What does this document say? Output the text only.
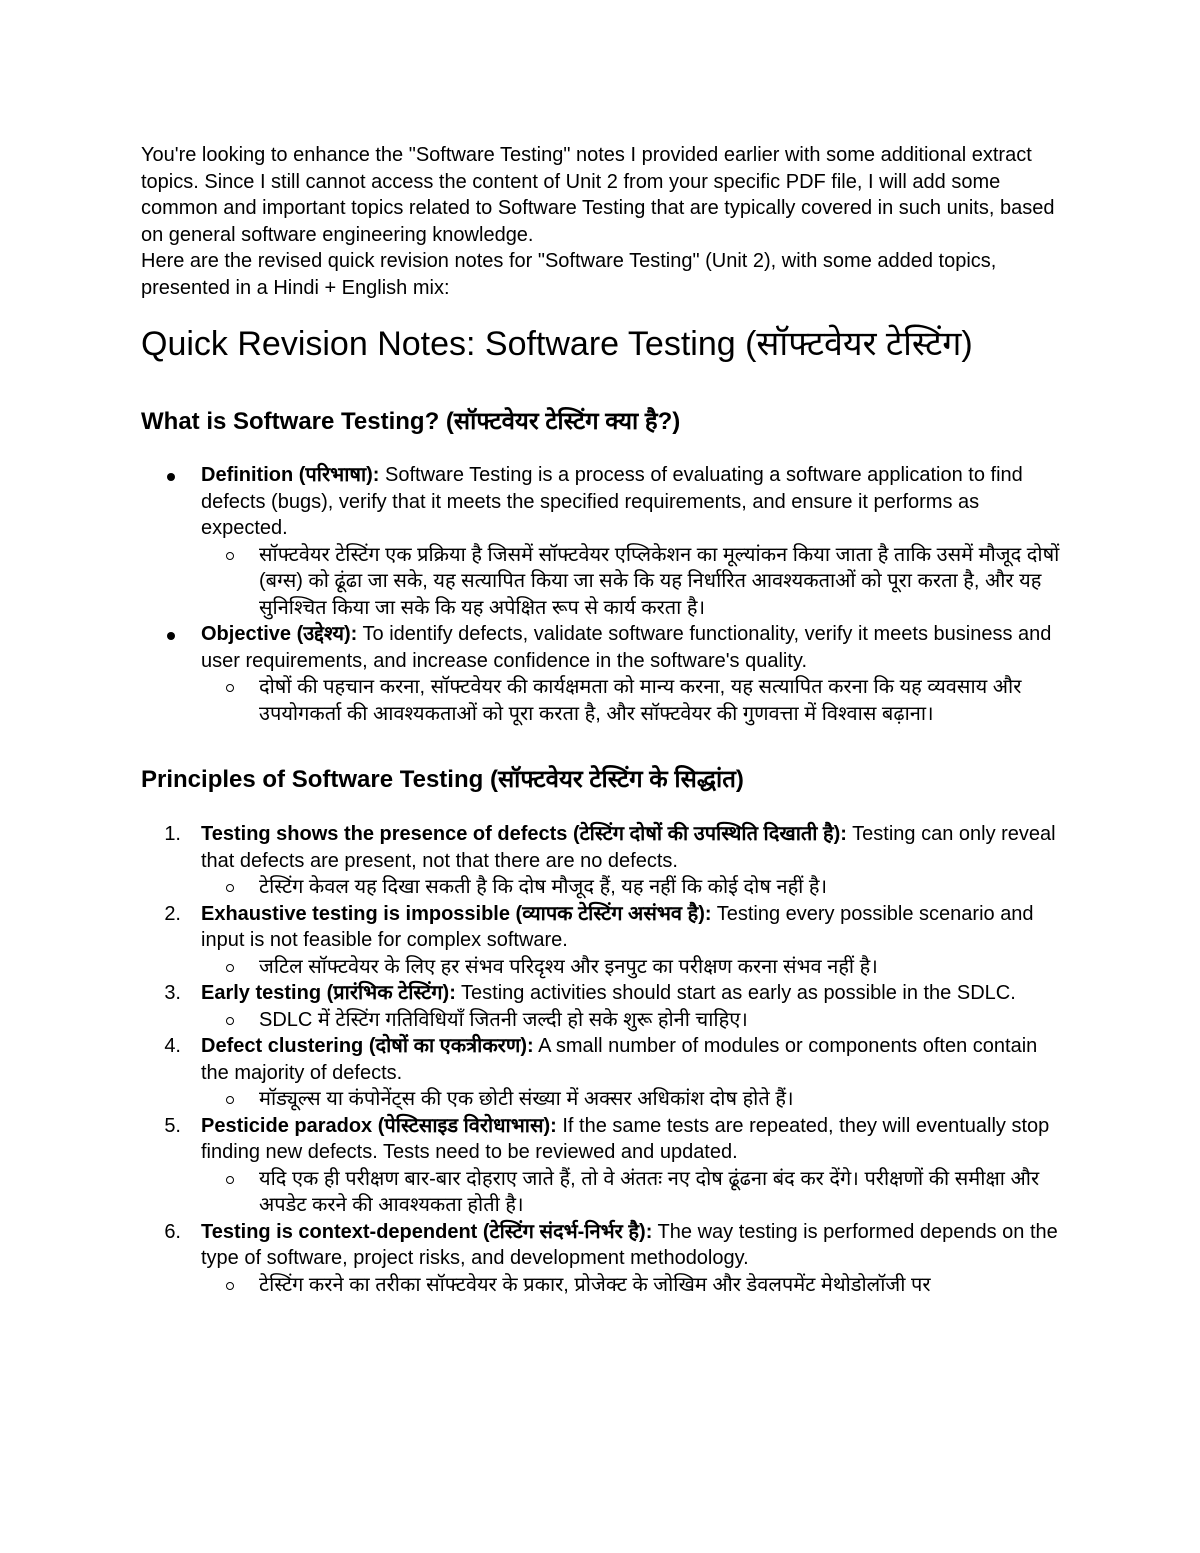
You're looking to enhance the "Software Testing" notes I provided earlier with some additional extract topics. Since I still cannot access the content of Unit 2 from your specific PDF file, I will add some common and important topics related to Software Testing that are typically covered in such units, based on general software engineering knowledge.

Here are the revised quick revision notes for "Software Testing" (Unit 2), with some added topics, presented in a Hindi + English mix:

Quick Revision Notes: Software Testing (सॉफ्टवेयर टेस्टिंग)
What is Software Testing? (सॉफ्टवेयर टेस्टिंग क्या है?)
Definition (परिभाषा): Software Testing is a process of evaluating a software application to find defects (bugs), verify that it meets the specified requirements, and ensure it performs as expected.
सॉफ्टवेयर टेस्टिंग एक प्रक्रिया है जिसमें सॉफ्टवेयर एप्लिकेशन का मूल्यांकन किया जाता है ताकि उसमें मौजूद दोषों (बग्स) को ढूंढा जा सके, यह सत्यापित किया जा सके कि यह निर्धारित आवश्यकताओं को पूरा करता है, और यह सुनिश्चित किया जा सके कि यह अपेक्षित रूप से कार्य करता है।
Objective (उद्देश्य): To identify defects, validate software functionality, verify it meets business and user requirements, and increase confidence in the software's quality.
दोषों की पहचान करना, सॉफ्टवेयर की कार्यक्षमता को मान्य करना, यह सत्यापित करना कि यह व्यवसाय और उपयोगकर्ता की आवश्यकताओं को पूरा करता है, और सॉफ्टवेयर की गुणवत्ता में विश्वास बढ़ाना।
Principles of Software Testing (सॉफ्टवेयर टेस्टिंग के सिद्धांत)
1. Testing shows the presence of defects (टेस्टिंग दोषों की उपस्थिति दिखाती है): Testing can only reveal that defects are present, not that there are no defects.
टेस्टिंग केवल यह दिखा सकती है कि दोष मौजूद हैं, यह नहीं कि कोई दोष नहीं है।
2. Exhaustive testing is impossible (व्यापक टेस्टिंग असंभव है): Testing every possible scenario and input is not feasible for complex software.
जटिल सॉफ्टवेयर के लिए हर संभव परिदृश्य और इनपुट का परीक्षण करना संभव नहीं है।
3. Early testing (प्रारंभिक टेस्टिंग): Testing activities should start as early as possible in the SDLC.
SDLC में टेस्टिंग गतिविधियाँ जितनी जल्दी हो सके शुरू होनी चाहिए।
4. Defect clustering (दोषों का एकत्रीकरण): A small number of modules or components often contain the majority of defects.
मॉड्यूल्स या कंपोनेंट्स की एक छोटी संख्या में अक्सर अधिकांश दोष होते हैं।
5. Pesticide paradox (पेस्टिसाइड विरोधाभास): If the same tests are repeated, they will eventually stop finding new defects. Tests need to be reviewed and updated.
यदि एक ही परीक्षण बार-बार दोहराए जाते हैं, तो वे अंततः नए दोष ढूंढना बंद कर देंगे। परीक्षणों की समीक्षा और अपडेट करने की आवश्यकता होती है।
6. Testing is context-dependent (टेस्टिंग संदर्भ-निर्भर है): The way testing is performed depends on the type of software, project risks, and development methodology.
टेस्टिंग करने का तरीका सॉफ्टवेयर के प्रकार, प्रोजेक्ट के जोखिम और डेवलपमेंट मेथोडोलॉजी पर
